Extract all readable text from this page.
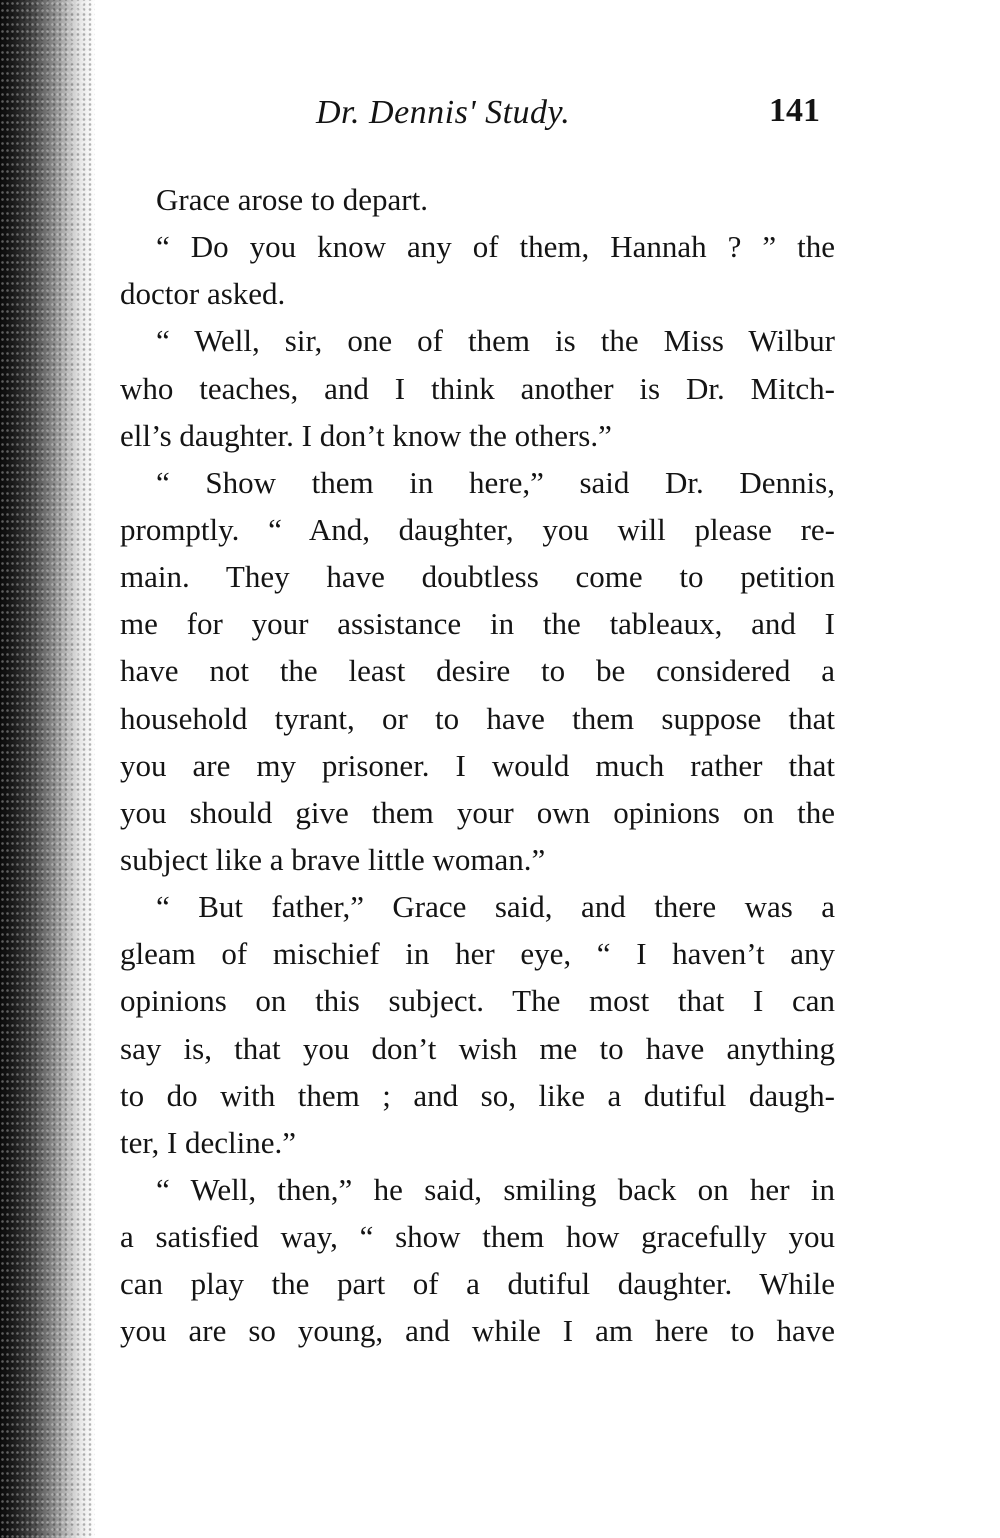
Dr. Dennis' Study.	141
Grace arose to depart.
“ Do you know any of them, Hannah ? ” the
doctor asked.
“ Well, sir, one of them is the Miss Wilbur
who teaches, and I think another is Dr. Mitch-
ell’s daughter. I don’t know the others.”
“ Show them in here,” said Dr. Dennis,
promptly. “ And, daughter, you will please re-
main. They have doubtless come to petition
me for your assistance in the tableaux, and I
have not the least desire to be considered a
household tyrant, or to have them suppose that
you are my prisoner. I would much rather that
you should give them your own opinions on the
subject like a brave little woman.”
“ But father,” Grace said, and there was a
gleam of mischief in her eye, “ I haven’t any
opinions on this subject. The most that I can
say is, that you don’t wish me to have anything
to do with them ; and so, like a dutiful daugh-
ter, I decline.”
“ Well, then,” he said, smiling back on her in
a satisfied way, “ show them how gracefully you
can play the part of a dutiful daughter. While
you are so young, and while I am here to have
